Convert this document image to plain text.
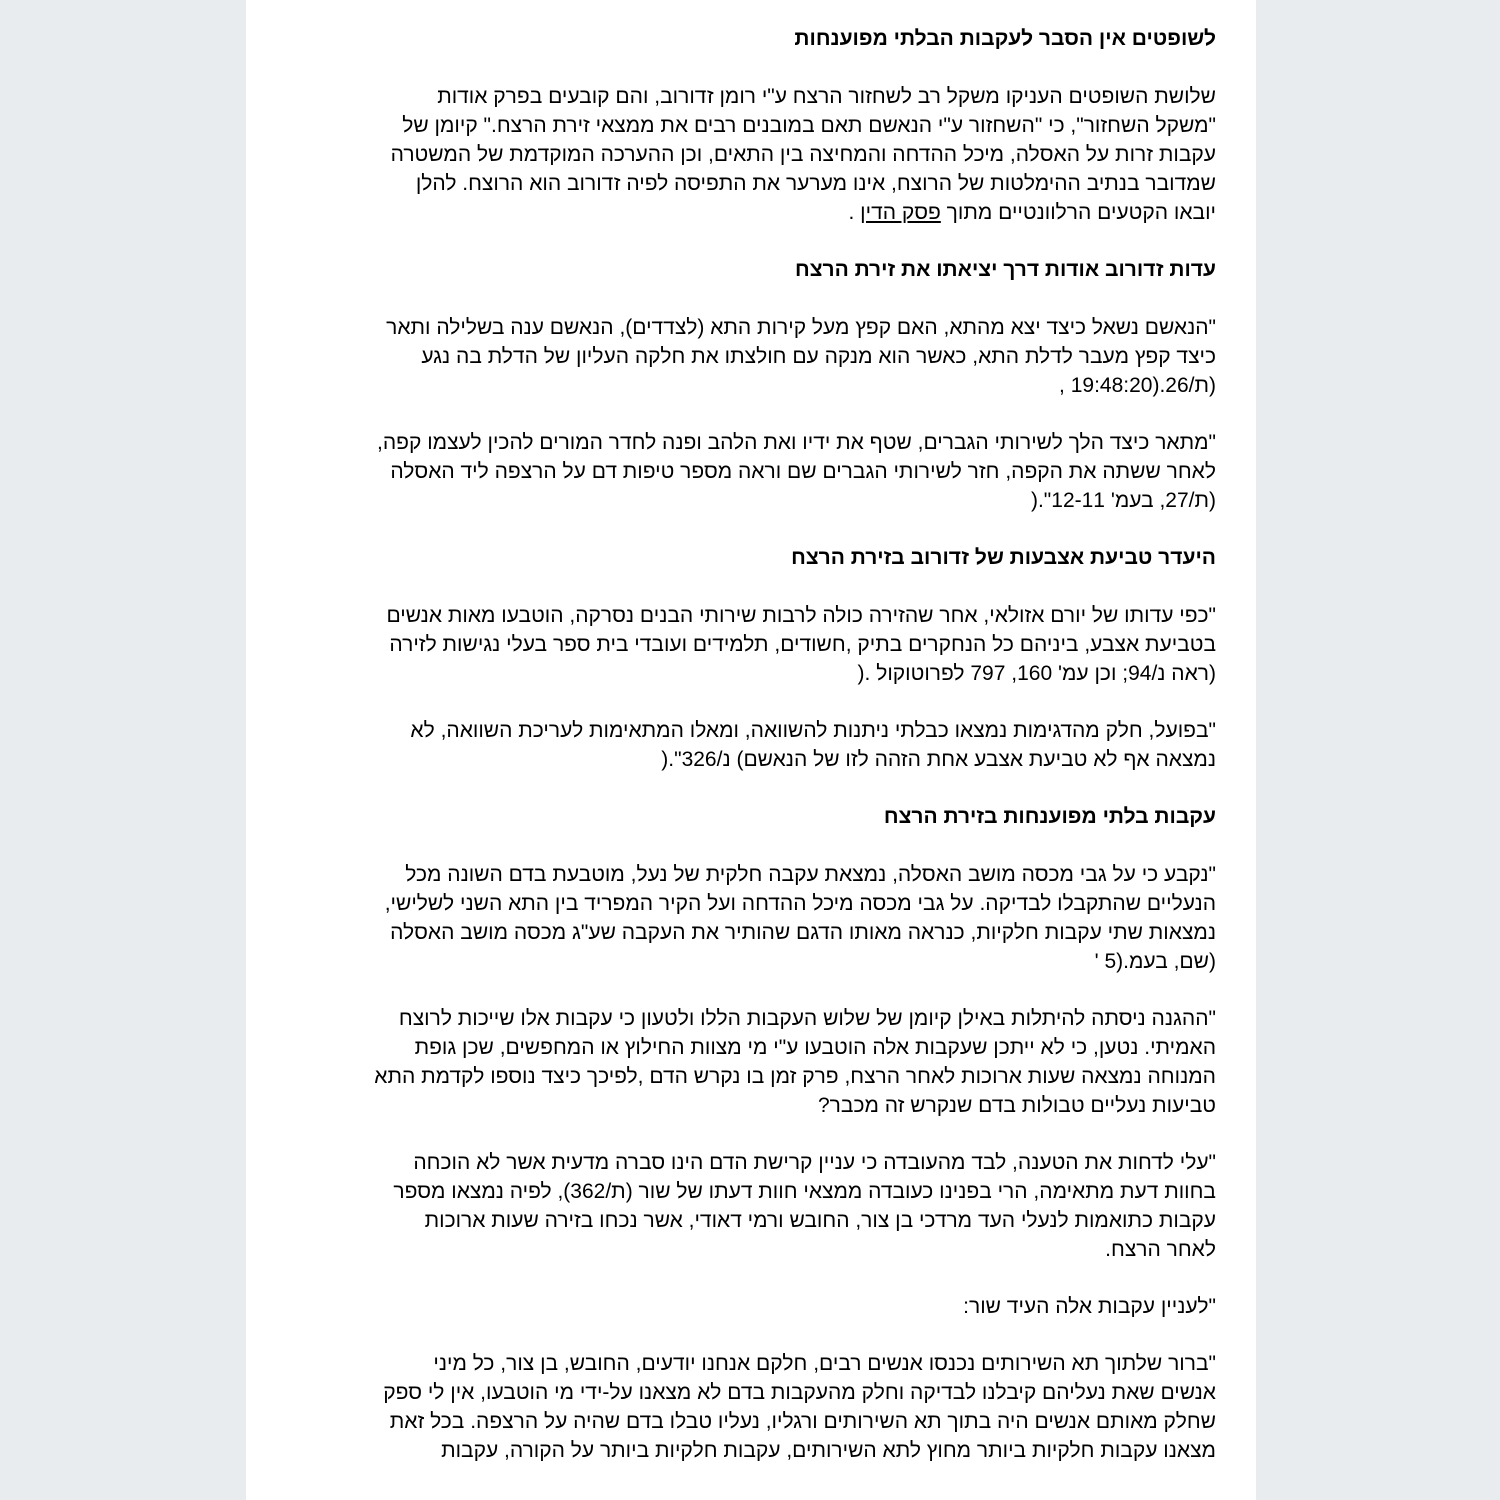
לשופטים אין הסבר לעקבות הבלתי מפוענחות
שלושת השופטים העניקו משקל רב לשחזור הרצח ע"י רומן זדורוב, והם קובעים בפרק אודות
"משקל השחזור", כי "השחזור ע"י הנאשם תאם במובנים רבים את ממצאי זירת הרצח." קיומן של
עקבות זרות על האסלה, מיכל ההדחה והמחיצה בין התאים, וכן ההערכה המוקדמת של המשטרה
שמדובר בנתיב ההימלטות של הרוצח, אינו מערער את התפיסה לפיה זדורוב הוא הרוצח. להלן
יובאו הקטעים הרלוונטיים מתוך פסק הדין .
עדות זדורוב אודות דרך יציאתו את זירת הרצח
"הנאשם נשאל כיצד יצא מהתא, האם קפץ מעל קירות התא (לצדדים), הנאשם ענה בשלילה ותאר
כיצד קפץ מעבר לדלת התא, כאשר הוא מנקה עם חולצתו את חלקה העליון של הדלת בה נגע
(ת/26.(19:48:20 ,
"מתאר כיצד הלך לשירותי הגברים, שטף את ידיו ואת הלהב ופנה לחדר המורים להכין לעצמו קפה,
לאחר ששתה את הקפה, חזר לשירותי הגברים שם וראה מספר טיפות דם על הרצפה ליד האסלה
(ת/27, בעמ' 12-11".(
היעדר טביעת אצבעות של זדורוב בזירת הרצח
"כפי עדותו של יורם אזולאי, אחר שהזירה כולה לרבות שירותי הבנים נסרקה, הוטבעו מאות אנשים
בטביעת אצבע, ביניהם כל הנחקרים בתיק ,חשודים, תלמידים ועובדי בית ספר בעלי נגישות לזירה
(ראה נ/94; וכן עמ' 160, 797 לפרוטוקול .(
"בפועל, חלק מהדגימות נמצאו כבלתי ניתנות להשוואה, ומאלו המתאימות לעריכת השוואה, לא
נמצאה אף לא טביעת אצבע אחת הזהה לזו של הנאשם) נ/326".(
עקבות בלתי מפוענחות בזירת הרצח
"נקבע כי על גבי מכסה מושב האסלה, נמצאת עקבה חלקית של נעל, מוטבעת בדם השונה מכל
הנעליים שהתקבלו לבדיקה. על גבי מכסה מיכל ההדחה ועל הקיר המפריד בין התא השני לשלישי,
נמצאות שתי עקבות חלקיות, כנראה מאותו הדגם שהותיר את העקבה שע"ג מכסה מושב האסלה
(שם, בעמ.(5 '
"ההגנה ניסתה להיתלות באילן קיומן של שלוש העקבות הללו ולטעון כי עקבות אלו שייכות לרוצח
האמיתי. נטען, כי לא ייתכן שעקבות אלה הוטבעו ע"י מי מצוות החילוץ או המחפשים, שכן גופת
המנוחה נמצאה שעות ארוכות לאחר הרצח, פרק זמן בו נקרש הדם ,לפיכך כיצד נוספו לקדמת התא
טביעות נעליים טבולות בדם שנקרש זה מכבר?
"עלי לדחות את הטענה, לבד מהעובדה כי עניין קרישת הדם הינו סברה מדעית אשר לא הוכחה
בחוות דעת מתאימה, הרי בפנינו כעובדה ממצאי חוות דעתו של שור (ת/362), לפיה נמצאו מספר
עקבות כתואמות לנעלי העד מרדכי בן צור, החובש ורמי דאודי, אשר נכחו בזירה שעות ארוכות
לאחר הרצח.
"לעניין עקבות אלה העיד שור:
"ברור שלתוך תא השירותים נכנסו אנשים רבים, חלקם אנחנו יודעים, החובש, בן צור, כל מיני
אנשים שאת נעליהם קיבלנו לבדיקה וחלק מהעקבות בדם לא מצאנו על-ידי מי הוטבעו, אין לי ספק
שחלק מאותם אנשים היה בתוך תא השירותים ורגליו, נעליו טבלו בדם שהיה על הרצפה. בכל זאת
מצאנו עקבות חלקיות ביותר מחוץ לתא השירותים, עקבות חלקיות ביותר על הקורה, עקבות
